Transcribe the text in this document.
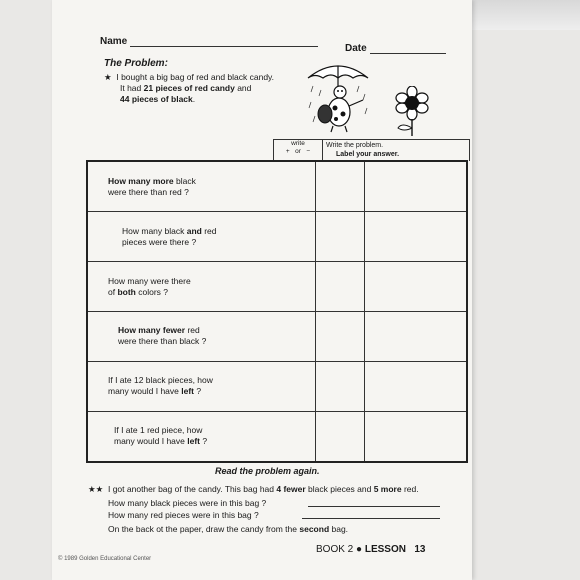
Name
Date
The Problem:
★ I bought a big bag of red and black candy.
It had 21 pieces of red candy and
44 pieces of black.
write
+ or −
Write the problem.
Label your answer.
How many more black
were there than red ?		

How many black and red
pieces were there ?		

How many were there
of both colors ?		

How many fewer red
were there than black ?		

If I ate 12 black pieces, how
many would I have left ?		

If I ate 1 red piece, how
many would I have left ?		

Read the problem again.
★★ I got another bag of the candy. This bag had 4 fewer black pieces and 5 more red.
How many black pieces were in this bag ?
How many red pieces were in this bag ?
On the back ot the paper, draw the candy from the second bag.
© 1989 Golden Educational Center
BOOK 2 ● LESSON 13
